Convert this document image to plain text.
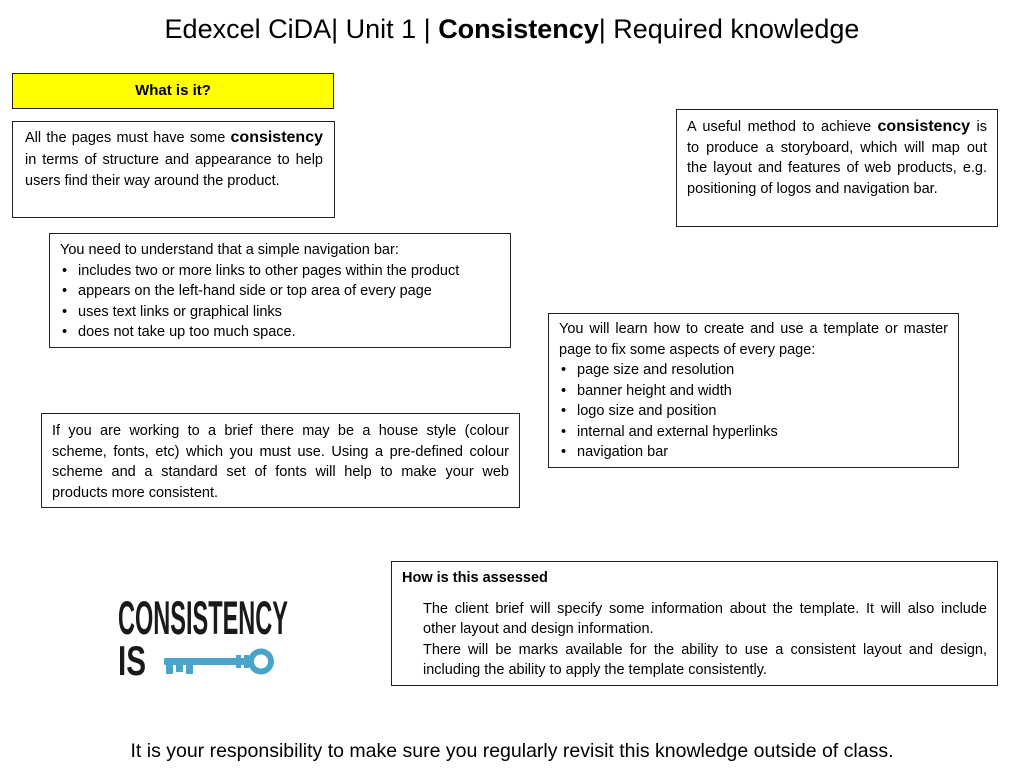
Edexcel CiDA| Unit 1 | Consistency| Required knowledge
What is it?
All the pages must have some consistency in terms of structure and appearance to help users find their way around the product.
A useful method to achieve consistency is to produce a storyboard, which will map out the layout and features of web products, e.g. positioning of logos and navigation bar.
You need to understand that a simple navigation bar:
• includes two or more links to other pages within the product
• appears on the left-hand side or top area of every page
• uses text links or graphical links
• does not take up too much space.	You will learn how to create and use a template or master page to fix some aspects of every page:
• page size and resolution
• banner height and width
• logo size and position
• internal and external hyperlinks
• navigation bar
If you are working to a brief there may be a house style (colour scheme, fonts, etc) which you must use. Using a pre-defined colour scheme and a standard set of fonts will help to make your web products more consistent.
How is this assessed
The client brief will specify some information about the template. It will also include other layout and design information.
There will be marks available for the ability to use a consistent layout and design, including the ability to apply the template consistently.
CONSISTENCY
IS
It is your responsibility to make sure you regularly revisit this knowledge outside of class.
